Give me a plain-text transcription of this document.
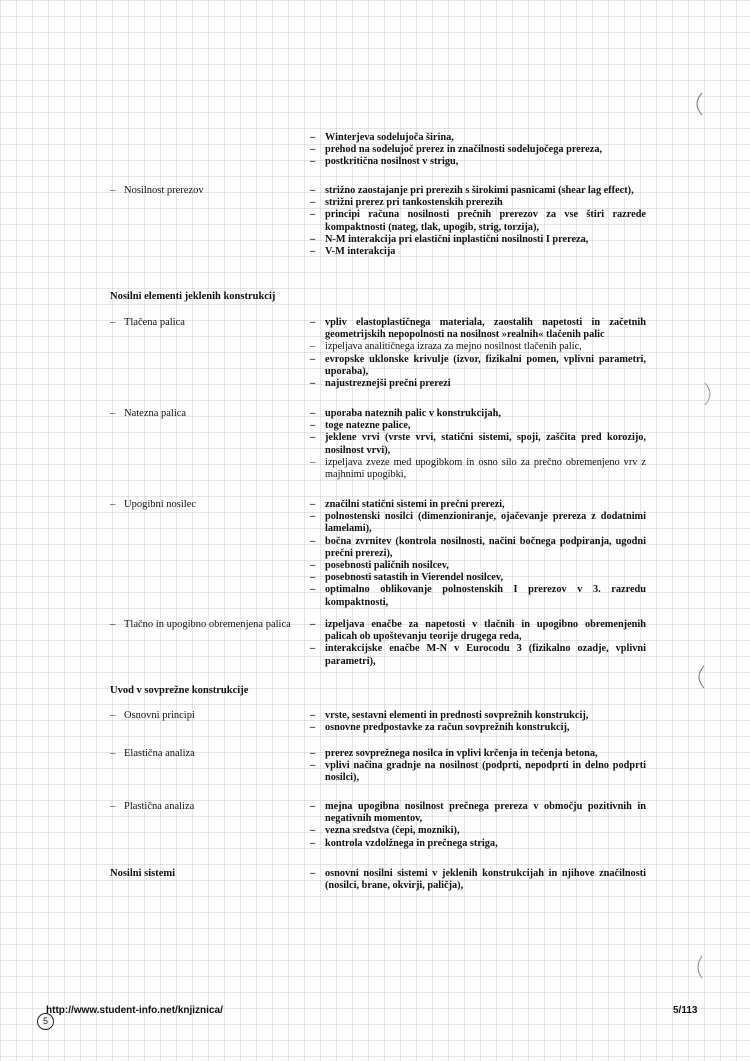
– Winterjeva sodelujoča širina,
– prehod na sodelujoč prerez in značilnosti sodelujočega prereza,
– postkritična nosilnost v strigu,
– Nosilnost prerezov	– strižno zaostajanje pri prerezih s širokimi pasnicami (shear lag effect),
– strižni prerez pri tankostenskih prerezih
– principi računa nosilnosti prečnih prerezov za vse štiri razrede kompaktnosti (nateg, tlak, upogib, strig, torzija),
– N-M interakcija pri elastični inplastični nosilnosti I prereza,
– V-M interakcija
Nosilni elementi jeklenih konstrukcij
– Tlačena palica	– vpliv elastoplastičnega materiala, zaostalih napetosti in začetnih geometrijskih nepopolnosti na nosilnost »realnih« tlačenih palic
– izpeljava analitičnega izraza za mejno nosilnost tlačenih palic,
– evropske uklonske krivulje (izvor, fizikalni pomen, vplivni parametri, uporaba),
– najustreznejši prečni prerezi
– Natezna palica	– uporaba nateznih palic v konstrukcijah,
– toge natezne palice,
– jeklene vrvi (vrste vrvi, statični sistemi, spoji, zaščita pred korozijo, nosilnost vrvi),
– izpeljava zveze med upogibkom in osno silo za prečno obremenjeno vrv z majhnimi upogibki,
– Upogibni nosilec	– značilni statični sistemi in prečni prerezi,
– polnostenski nosilci (dimenzioniranje, ojačevanje prereza z dodatnimi lamelami),
– bočna zvrnitev (kontrola nosilnosti, načini bočnega podpiranja, ugodni prečni prerezi),
– posebnosti paličnih nosilcev,
– posebnosti satastih in Vierendel nosilcev,
– optimalno oblikovanje polnostenskih I prerezov v 3. razredu kompaktnosti,
– Tlačno in upogibno obremenjena palica	– izpeljava enačbe za napetosti v tlačnih in upogibno obremenjenih palicah ob upoštevanju teorije drugega reda,
– interakcijske enačbe M-N v Eurocodu 3 (fizikalno ozadje, vplivni parametri),
Uvod v sovprežne konstrukcije
– Osnovni principi	– vrste, sestavni elementi in prednosti sovprežnih konstrukcij,
– osnovne predpostavke za račun sovprežnih konstrukcij,
– Elastična analiza	– prerez sovprežnega nosilca in vplivi krčenja in tečenja betona,
– vplivi načina gradnje na nosilnost (podprti, nepodprti in delno podprti nosilci),
– Plastična analiza	– mejna upogibna nosilnost prečnega prereza v območju pozitivnih in negativnih momentov,
– vezna sredstva (čepi, mozniki),
– kontrola vzdolžnega in prečnega striga,
Nosilni sistemi	– osnovni nosilni sistemi v jeklenih konstrukcijah in njihove značilnosti (nosilci, brane, okvirji, paličja),
http://www.student-info.net/knjiznica/	5/113
5
